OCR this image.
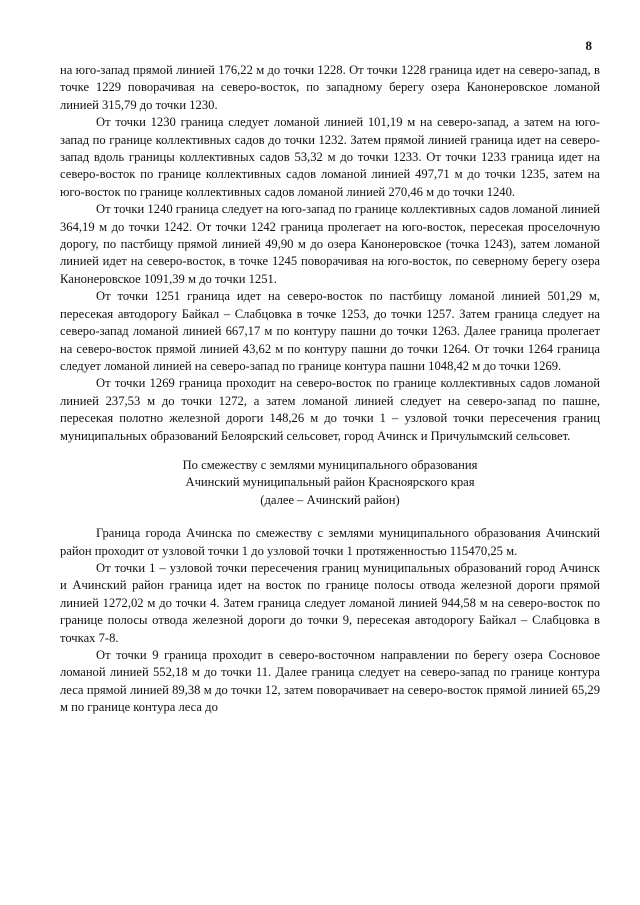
8

на юго-запад прямой линией 176,22 м до точки 1228. От точки 1228 граница идет на северо-запад, в точке 1229 поворачивая на северо-восток, по западному берегу озера Канонеровское ломаной линией 315,79 до точки 1230.

От точки 1230 граница следует ломаной линией 101,19 м на северо-запад, а затем на юго-запад по границе коллективных садов до точки 1232. Затем прямой линией граница идет на северо-запад вдоль границы коллективных садов 53,32 м до точки 1233. От точки 1233 граница идет на северо-восток по границе коллективных садов ломаной линией 497,71 м до точки 1235, затем на юго-восток по границе коллективных садов ломаной линией 270,46 м до точки 1240.

От точки 1240 граница следует на юго-запад по границе коллективных садов ломаной линией 364,19 м до точки 1242. От точки 1242 граница пролегает на юго-восток, пересекая проселочную дорогу, по пастбищу прямой линией 49,90 м до озера Канонеровское (точка 1243), затем ломаной линией идет на северо-восток, в точке 1245 поворачивая на юго-восток, по северному берегу озера Канонеровское 1091,39 м до точки 1251.

От точки 1251 граница идет на северо-восток по пастбищу ломаной линией 501,29 м, пересекая автодорогу Байкал – Слабцовка в точке 1253, до точки 1257. Затем граница следует на северо-запад ломаной линией 667,17 м по контуру пашни до точки 1263. Далее граница пролегает на северо-восток прямой линией 43,62 м по контуру пашни до точки 1264. От точки 1264 граница следует ломаной линией на северо-запад по границе контура пашни 1048,42 м до точки 1269.

От точки 1269 граница проходит на северо-восток по границе коллективных садов ломаной линией 237,53 м до точки 1272, а затем ломаной линией следует на северо-запад по пашне, пересекая полотно железной дороги 148,26 м до точки 1 – узловой точки пересечения границ муниципальных образований Белоярский сельсовет, город Ачинск и Причулымский сельсовет.

По смежеству с землями муниципального образования
Ачинский муниципальный район Красноярского края
(далее – Ачинский район)

Граница города Ачинска по смежеству с землями муниципального образования Ачинский район проходит от узловой точки 1 до узловой точки 1 протяженностью 115470,25 м.

От точки 1 – узловой точки пересечения границ муниципальных образований город Ачинск и Ачинский район граница идет на восток по границе полосы отвода железной дороги прямой линией 1272,02 м до точки 4. Затем граница следует ломаной линией 944,58 м на северо-восток по границе полосы отвода железной дороги до точки 9, пересекая автодорогу Байкал – Слабцовка в точках 7-8.

От точки 9 граница проходит в северо-восточном направлении по берегу озера Сосновое ломаной линией 552,18 м до точки 11. Далее граница следует на северо-запад по границе контура леса прямой линией 89,38 м до точки 12, затем поворачивает на северо-восток прямой линией 65,29 м по границе контура леса до
